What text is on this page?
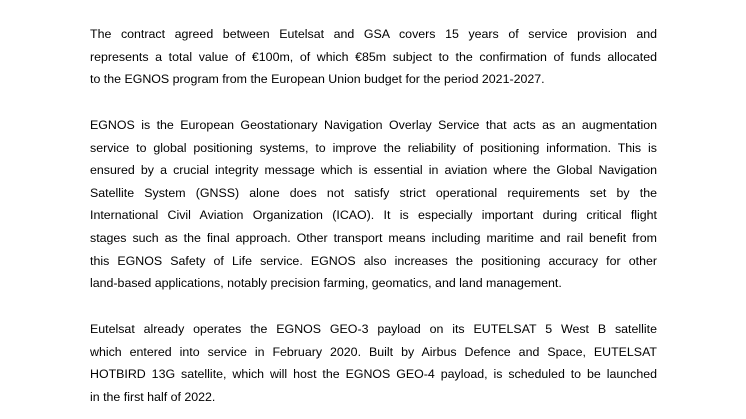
The contract agreed between Eutelsat and GSA covers 15 years of service provision and
represents a total value of €100m, of which €85m subject to the confirmation of funds allocated
to the EGNOS program from the European Union budget for the period 2021-2027.

EGNOS is the European Geostationary Navigation Overlay Service that acts as an augmentation
service to global positioning systems, to improve the reliability of positioning information. This is
ensured by a crucial integrity message which is essential in aviation where the Global Navigation
Satellite System (GNSS) alone does not satisfy strict operational requirements set by the
International Civil Aviation Organization (ICAO). It is especially important during critical flight
stages such as the final approach. Other transport means including maritime and rail benefit from
this EGNOS Safety of Life service. EGNOS also increases the positioning accuracy for other
land-based applications, notably precision farming, geomatics, and land management.

Eutelsat already operates the EGNOS GEO-3 payload on its EUTELSAT 5 West B satellite
which entered into service in February 2020. Built by Airbus Defence and Space, EUTELSAT
HOTBIRD 13G satellite, which will host the EGNOS GEO-4 payload, is scheduled to be launched
in the first half of 2022.
